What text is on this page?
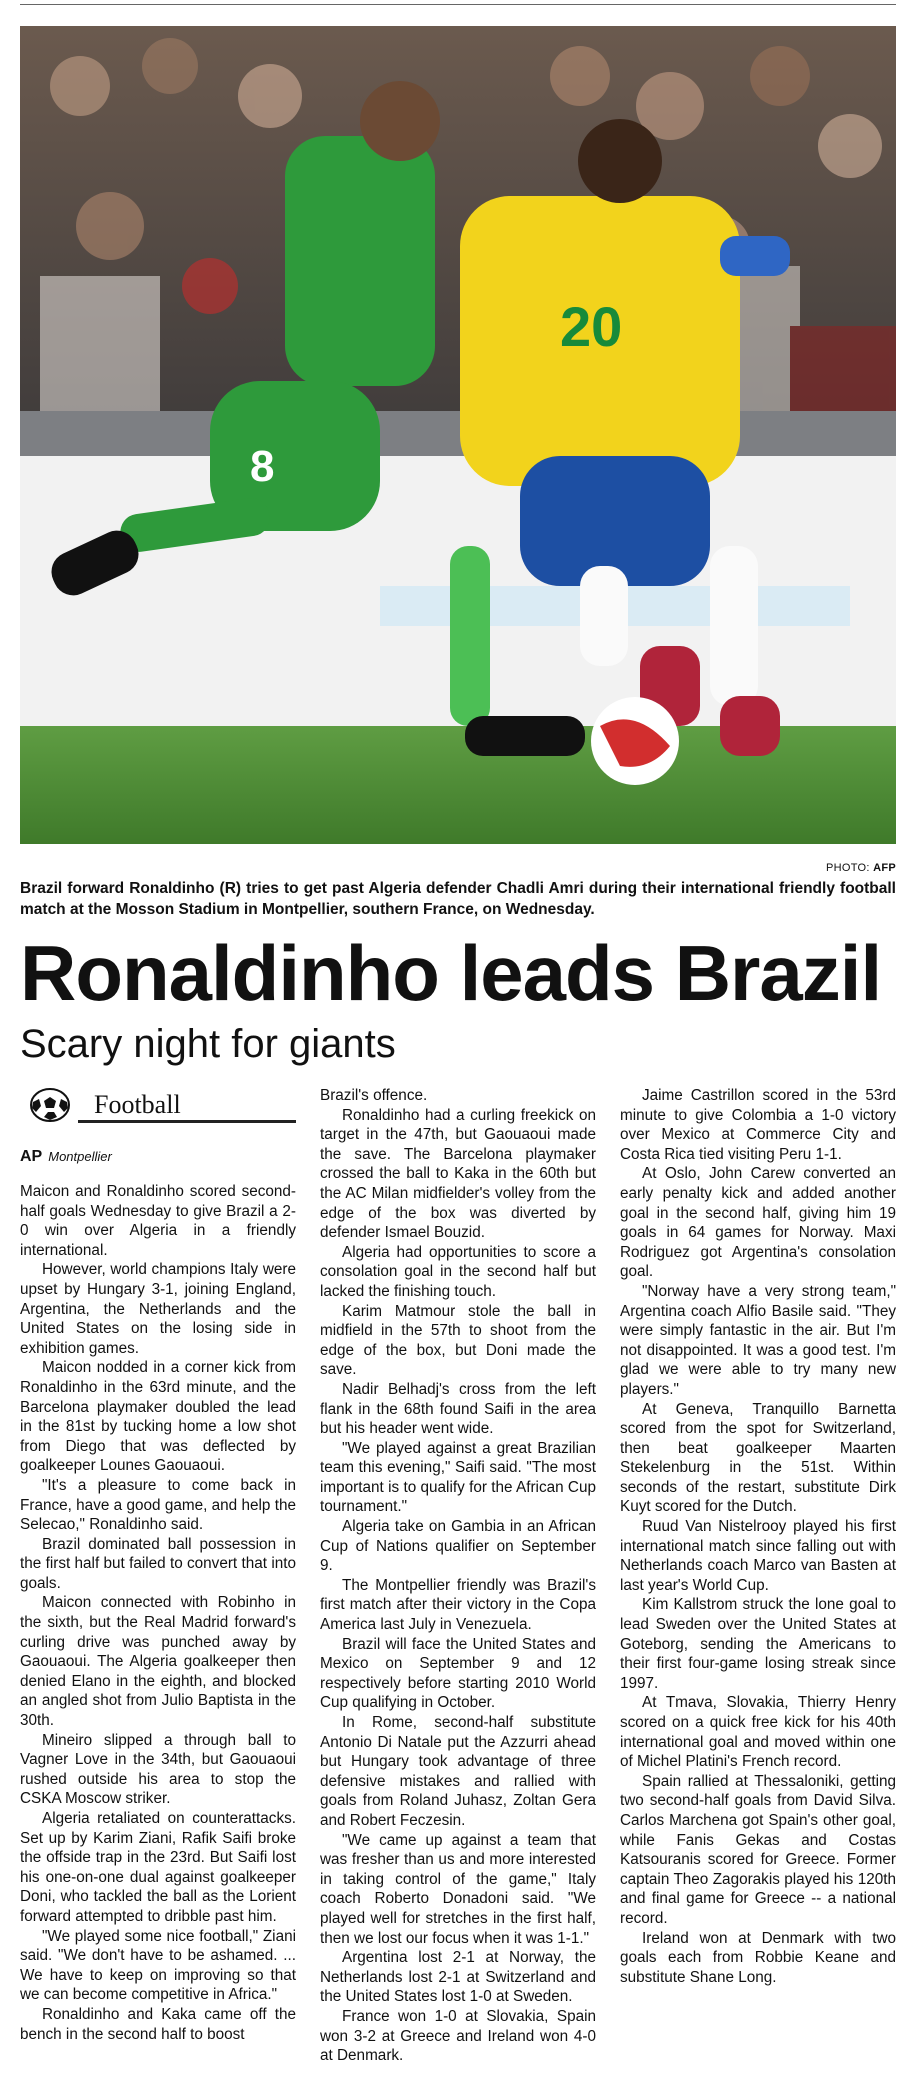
8
20
PHOTO: AFP
Brazil forward Ronaldinho (R) tries to get past Algeria defender Chadli Amri during their international friendly football match at the Mosson Stadium in Montpellier, southern France, on Wednesday.
Ronaldinho leads Brazil
Scary night for giants
Football
AP Montpellier

Maicon and Ronaldinho scored second-half goals Wednesday to give Brazil a 2-0 win over Algeria in a friendly international.

However, world champions Italy were upset by Hungary 3-1, joining England, Argentina, the Netherlands and the United States on the losing side in exhibition games.

Maicon nodded in a corner kick from Ronaldinho in the 63rd minute, and the Barcelona playmaker doubled the lead in the 81st by tucking home a low shot from Diego that was deflected by goalkeeper Lounes Gaouaoui.

"It's a pleasure to come back in France, have a good game, and help the Selecao," Ronaldinho said.

Brazil dominated ball possession in the first half but failed to convert that into goals.

Maicon connected with Robinho in the sixth, but the Real Madrid forward's curling drive was punched away by Gaouaoui. The Algeria goalkeeper then denied Elano in the eighth, and blocked an angled shot from Julio Baptista in the 30th.

Mineiro slipped a through ball to Vagner Love in the 34th, but Gaouaoui rushed outside his area to stop the CSKA Moscow striker.

Algeria retaliated on counterattacks. Set up by Karim Ziani, Rafik Saifi broke the offside trap in the 23rd. But Saifi lost his one-on-one dual against goalkeeper Doni, who tackled the ball as the Lorient forward attempted to dribble past him.

"We played some nice football," Ziani said. "We don't have to be ashamed. ... We have to keep on improving so that we can become competitive in Africa."

Ronaldinho and Kaka came off the bench in the second half to boost

Brazil's offence.

Ronaldinho had a curling freekick on target in the 47th, but Gaouaoui made the save. The Barcelona playmaker crossed the ball to Kaka in the 60th but the AC Milan midfielder's volley from the edge of the box was diverted by defender Ismael Bouzid.

Algeria had opportunities to score a consolation goal in the second half but lacked the finishing touch.

Karim Matmour stole the ball in midfield in the 57th to shoot from the edge of the box, but Doni made the save.

Nadir Belhadj's cross from the left flank in the 68th found Saifi in the area but his header went wide.

"We played against a great Brazilian team this evening," Saifi said. "The most important is to qualify for the African Cup tournament."

Algeria take on Gambia in an African Cup of Nations qualifier on September 9.

The Montpellier friendly was Brazil's first match after their victory in the Copa America last July in Venezuela.

Brazil will face the United States and Mexico on September 9 and 12 respectively before starting 2010 World Cup qualifying in October.

In Rome, second-half substitute Antonio Di Natale put the Azzurri ahead but Hungary took advantage of three defensive mistakes and rallied with goals from Roland Juhasz, Zoltan Gera and Robert Feczesin.

"We came up against a team that was fresher than us and more interested in taking control of the game," Italy coach Roberto Donadoni said. "We played well for stretches in the first half, then we lost our focus when it was 1-1."

Argentina lost 2-1 at Norway, the Netherlands lost 2-1 at Switzerland and the United States lost 1-0 at Sweden.

France won 1-0 at Slovakia, Spain won 3-2 at Greece and Ireland won 4-0 at Denmark.

Jaime Castrillon scored in the 53rd minute to give Colombia a 1-0 victory over Mexico at Commerce City and Costa Rica tied visiting Peru 1-1.

At Oslo, John Carew converted an early penalty kick and added another goal in the second half, giving him 19 goals in 64 games for Norway. Maxi Rodriguez got Argentina's consolation goal.

"Norway have a very strong team," Argentina coach Alfio Basile said. "They were simply fantastic in the air. But I'm not disappointed. It was a good test. I'm glad we were able to try many new players."

At Geneva, Tranquillo Barnetta scored from the spot for Switzerland, then beat goalkeeper Maarten Stekelenburg in the 51st. Within seconds of the restart, substitute Dirk Kuyt scored for the Dutch.

Ruud Van Nistelrooy played his first international match since falling out with Netherlands coach Marco van Basten at last year's World Cup.

Kim Kallstrom struck the lone goal to lead Sweden over the United States at Goteborg, sending the Americans to their first four-game losing streak since 1997.

At Tmava, Slovakia, Thierry Henry scored on a quick free kick for his 40th international goal and moved within one of Michel Platini's French record.

Spain rallied at Thessaloniki, getting two second-half goals from David Silva. Carlos Marchena got Spain's other goal, while Fanis Gekas and Costas Katsouranis scored for Greece. Former captain Theo Zagorakis played his 120th and final game for Greece -- a national record.

Ireland won at Denmark with two goals each from Robbie Keane and substitute Shane Long.
